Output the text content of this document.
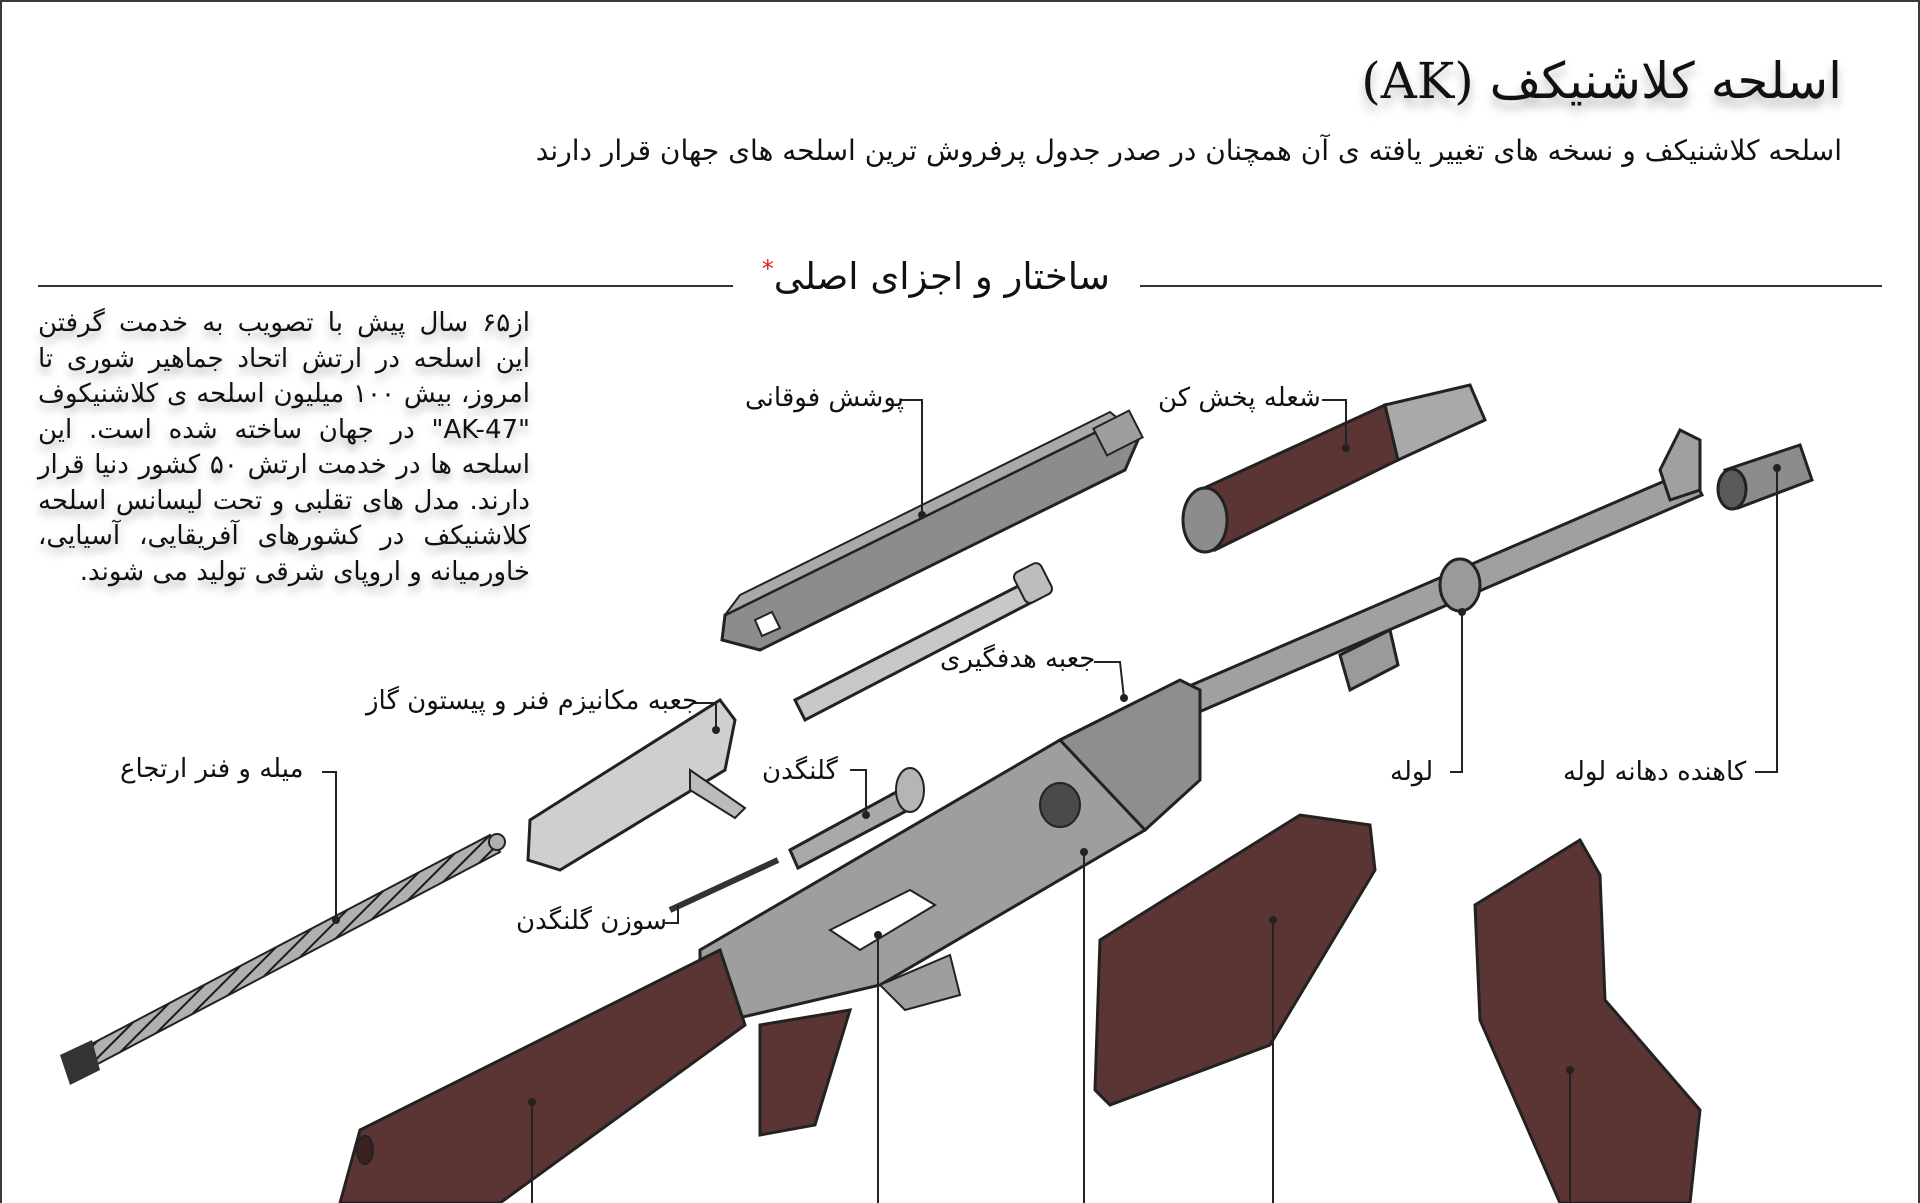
اسلحه کلاشنیکف (AK)
اسلحه کلاشنیکف و نسخه های تغییر یافته ی آن همچنان در صدر جدول پرفروش ترین اسلحه های جهان قرار دارند
ساختار و اجزای اصلی*
از۶۵ سال پیش با تصویب به خدمت گرفتن این اسلحه در ارتش اتحاد جماهیر شوری تا امروز، بیش ۱۰۰ میلیون اسلحه ی کلاشنیکوف "AK-47" در جهان ساخته شده است. این اسلحه ها در خدمت ارتش ۵۰ کشور دنیا قرار دارند. مدل های تقلبی و تحت لیسانس اسلحه کلاشنیکف در کشورهای آفریقایی، آسیایی، خاورمیانه و اروپای شرقی تولید می شوند.
پوشش فوقانی	شعله پخش کن
جعبه هدفگیری
جعبه مکانیزم فنر و پیستون گاز
گلنگدن
میله و فنر ارتجاع
سوزن گلنگدن
لوله	کاهنده دهانه لوله
